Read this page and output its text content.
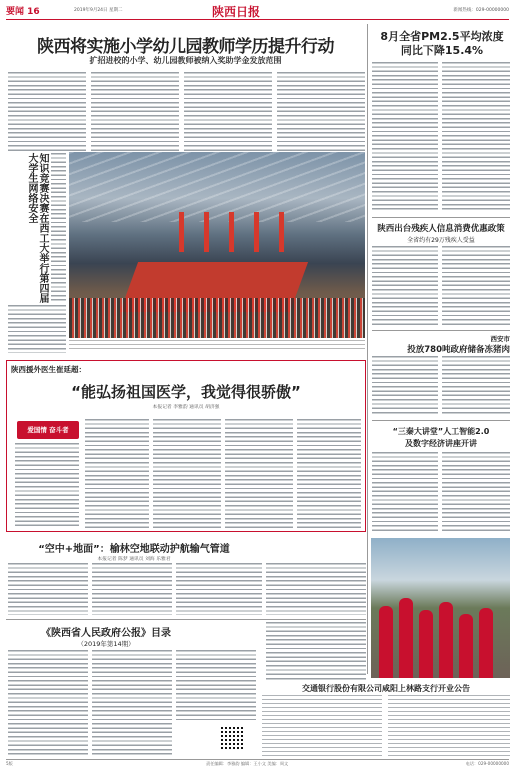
要闻 16	2019年9月24日 星期二	陕西日报	新闻热线：029-00000000
陕西将实施小学幼儿园教师学历提升行动
扩招进校的小学、幼儿园教师被纳入奖助学金发放范围
知识竞赛决赛在西工大举行第四届大学生网络安全
8月全省PM2.5平均浓度
同比下降15.4%
陕西出台残疾人信息消费优惠政策
全省约有29万残疾人受益
西安市
投放780吨政府储备冻猪肉
“三秦大讲堂”人工智能2.0
及数字经济讲座开讲
陕西援外医生崔延超：
“能弘扬祖国医学，我觉得很骄傲”
本报记者 李雅韵 通讯员 胡济强
爱国情 奋斗者
“空中+地面”：榆林空地联动护航输气管道
本报记者 陈梦 通讯员 刘海 乐雅君
《陕西省人民政府公报》目录
（2019年第14期）
交通银行股份有限公司咸阳上林路支行开业公告
5版	责任编辑：李雅韵 编辑：王小文 美编：周文	电话：029-00000000
